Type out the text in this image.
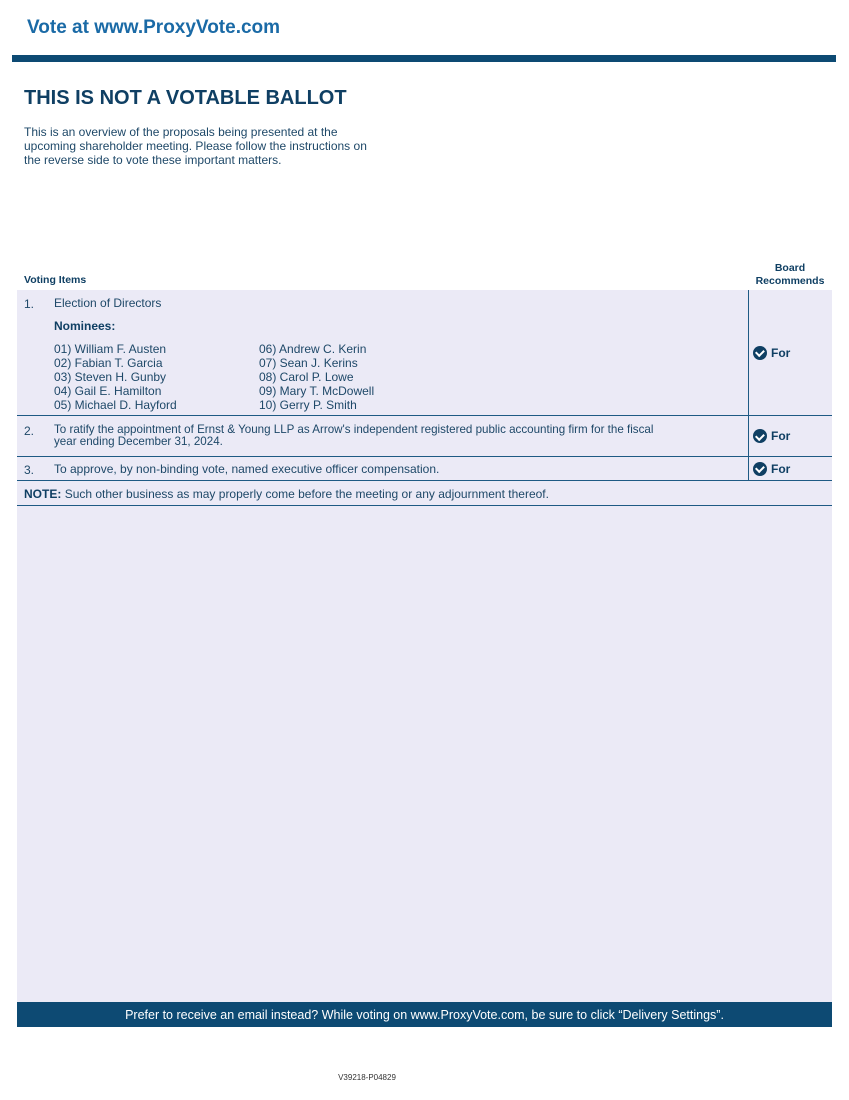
Vote at www.ProxyVote.com
THIS IS NOT A VOTABLE BALLOT
This is an overview of the proposals being presented at the
upcoming shareholder meeting. Please follow the instructions on
the reverse side to vote these important matters.
Voting Items
Board
Recommends
1. Election of Directors
Nominees:
01) William F. Austen
02) Fabian T. Garcia
03) Steven H. Gunby
04) Gail E. Hamilton
05) Michael D. Hayford
06) Andrew C. Kerin
07) Sean J. Kerins
08) Carol P. Lowe
09) Mary T. McDowell
10) Gerry P. Smith
For
2. To ratify the appointment of Ernst & Young LLP as Arrow's independent registered public accounting firm for the fiscal
year ending December 31, 2024.	For
3. To approve, by non-binding vote, named executive officer compensation.	For
NOTE: Such other business as may properly come before the meeting or any adjournment thereof.
Prefer to receive an email instead? While voting on www.ProxyVote.com, be sure to click “Delivery Settings”.
V39218-P04829
